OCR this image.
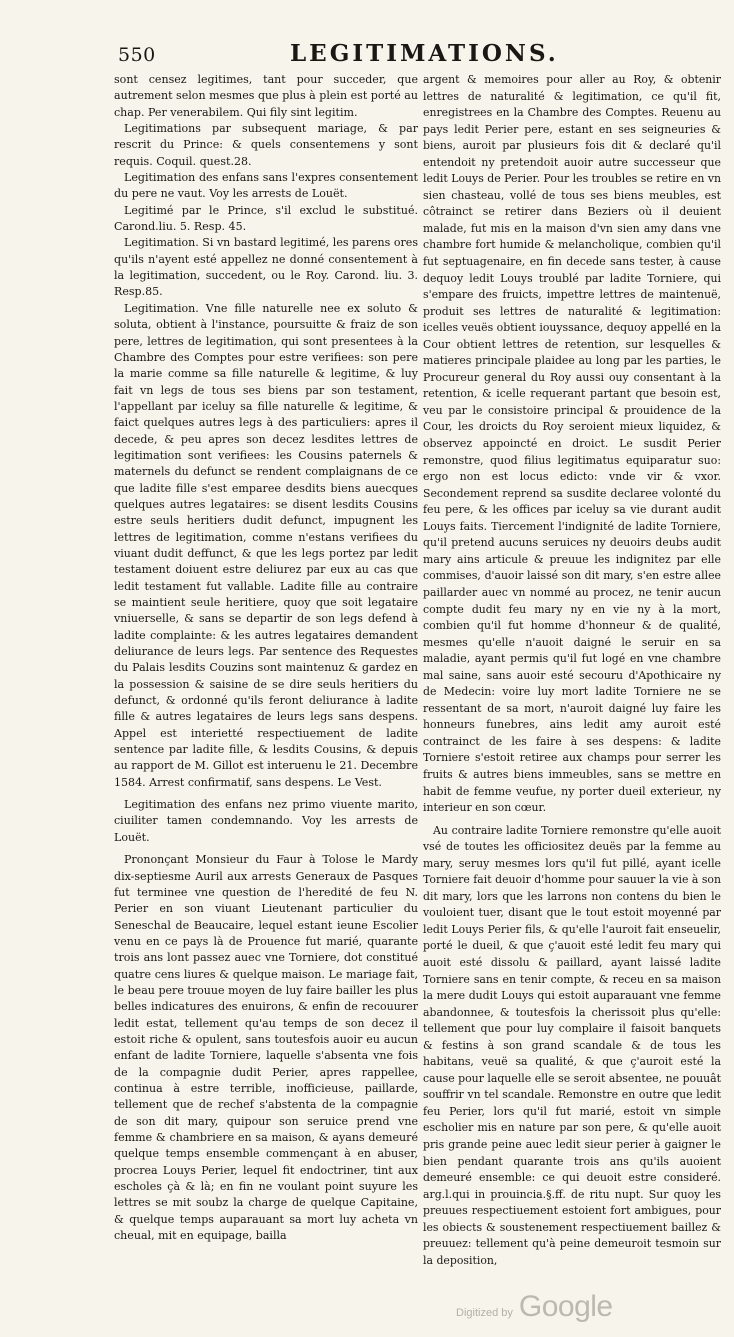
550	LEGITIMATIONS.

sont censez legitimes, tant pour succeder, que autrement selon mesmes que plus à plein est porté au chap. Per venerabilem. Qui fily sint legitim.

Legitimations par subsequent mariage, & par rescrit du Prince: & quels consentemens y sont requis. Coquil. quest.28.

Legitimation des enfans sans l'expres consentement du pere ne vaut. Voy les arrests de Louët.

Legitimé par le Prince, s'il exclud le substitué. Carond.liu. 5. Resp. 45.

Legitimation. Si vn bastard legitimé, les parens ores qu'ils n'ayent esté appellez ne donné consentement à la legitimation, succedent, ou le Roy. Carond. liu. 3. Resp.85.

Legitimation. Vne fille naturelle nee ex soluto & soluta, obtient à l'instance, poursuitte & fraiz de son pere, lettres de legitimation, qui sont presentees à la Chambre des Comptes pour estre verifiees: son pere la marie comme sa fille naturelle & legitime, & luy fait vn legs de tous ses biens par son testament, l'appellant par iceluy sa fille naturelle & legitime, & faict quelques autres legs à des particuliers: apres il decede, & peu apres son decez lesdites lettres de legitimation sont verifiees: les Cousins paternels & maternels du defunct se rendent complaignans de ce que ladite fille s'est emparee desdits biens auecques quelques autres legataires: se disent lesdits Cousins estre seuls heritiers dudit defunct, impugnent les lettres de legitimation, comme n'estans verifiees du viuant dudit deffunct, & que les legs portez par ledit testament doiuent estre deliurez par eux au cas que ledit testament fut vallable. Ladite fille au contraire se maintient seule heritiere, quoy que soit legataire vniuerselle, & sans se departir de son legs defend à ladite complainte: & les autres legataires demandent deliurance de leurs legs. Par sentence des Requestes du Palais lesdits Couzins sont maintenuz & gardez en la possession & saisine de se dire seuls heritiers du defunct, & ordonné qu'ils feront deliurance à ladite fille & autres legataires de leurs legs sans despens. Appel est interietté respectiuement de ladite sentence par ladite fille, & lesdits Cousins, & depuis au rapport de M. Gillot est interuenu le 21. Decembre 1584. Arrest confirmatif, sans despens. Le Vest.

Legitimation des enfans nez primo viuente marito, ciuiliter tamen condemnando. Voy les arrests de Louët.

Prononçant Monsieur du Faur à Tolose le Mardy dix-septiesme Auril aux arrests Generaux de Pasques fut terminee vne question de l'heredité de feu N. Perier en son viuant Lieutenant particulier du Seneschal de Beaucaire, lequel estant ieune Escolier venu en ce pays là de Prouence fut marié, quarante trois ans lont passez auec vne Torniere, dot constitué quatre cens liures & quelque maison. Le mariage fait, le beau pere trouue moyen de luy faire bailler les plus belles indicatures des enuirons, & enfin de recouurer ledit estat, tellement qu'au temps de son decez il estoit riche & opulent, sans toutesfois auoir eu aucun enfant de ladite Torniere, laquelle s'absenta vne fois de la compagnie dudit Perier, apres rappellee, continua à estre terrible, inofficieuse, paillarde, tellement que de rechef s'abstenta de la compagnie de son dit mary, quipour son seruice prend vne femme & chambriere en sa maison, & ayans demeuré quelque temps ensemble commençant à en abuser, procrea Louys Perier, lequel fit endoctriner, tint aux escholes çà & là; en fin ne voulant point suyure les lettres se mit soubz la charge de quelque Capitaine, & quelque temps auparauant sa mort luy acheta vn cheual, mit en equipage, bailla

argent & memoires pour aller au Roy, & obtenir lettres de naturalité & legitimation, ce qu'il fit, enregistrees en la Chambre des Comptes. Reuenu au pays ledit Perier pere, estant en ses seigneuries & biens, auroit par plusieurs fois dit & declaré qu'il entendoit ny pretendoit auoir autre successeur que ledit Louys de Perier. Pour les troubles se retire en vn sien chasteau, vollé de tous ses biens meubles, est côtrainct se retirer dans Beziers où il deuient malade, fut mis en la maison d'vn sien amy dans vne chambre fort humide & melancholique, combien qu'il fut septuagenaire, en fin decede sans tester, à cause dequoy ledit Louys troublé par ladite Torniere, qui s'empare des fruicts, impettre lettres de maintenuë, produit ses lettres de naturalité & legitimation: icelles veuës obtient iouyssance, dequoy appellé en la Cour obtient lettres de retention, sur lesquelles & matieres principale plaidee au long par les parties, le Procureur general du Roy aussi ouy consentant à la retention, & icelle requerant partant que besoin est, veu par le consistoire principal & prouidence de la Cour, les droicts du Roy seroient mieux liquidez, & observez appoincté en droict. Le susdit Perier remonstre, quod filius legitimatus equiparatur suo: ergo non est locus edicto: vnde vir & vxor. Secondement reprend sa susdite declaree volonté du feu pere, & les offices par iceluy sa vie durant audit Louys faits. Tiercement l'indignité de ladite Torniere, qu'il pretend aucuns seruices ny deuoirs deubs audit mary ains articule & preuue les indignitez par elle commises, d'auoir laissé son dit mary, s'en estre allee paillarder auec vn nommé au procez, ne tenir aucun compte dudit feu mary ny en vie ny à la mort, combien qu'il fut homme d'honneur & de qualité, mesmes qu'elle n'auoit daigné le seruir en sa maladie, ayant permis qu'il fut logé en vne chambre mal saine, sans auoir esté secouru d'Apothicaire ny de Medecin: voire luy mort ladite Torniere ne se ressentant de sa mort, n'auroit daigné luy faire les honneurs funebres, ains ledit amy auroit esté contrainct de les faire à ses despens: & ladite Torniere s'estoit retiree aux champs pour serrer les fruits & autres biens immeubles, sans se mettre en habit de femme veufue, ny porter dueil exterieur, ny interieur en son cœur.

Au contraire ladite Torniere remonstre qu'elle auoit vsé de toutes les officiositez deuës par la femme au mary, seruy mesmes lors qu'il fut pillé, ayant icelle Torniere fait deuoir d'homme pour sauuer la vie à son dit mary, lors que les larrons non contens du bien le vouloient tuer, disant que le tout estoit moyenné par ledit Louys Perier fils, & qu'elle l'auroit fait enseuelir, porté le dueil, & que ç'auoit esté ledit feu mary qui auoit esté dissolu & paillard, ayant laissé ladite Torniere sans en tenir compte, & receu en sa maison la mere dudit Louys qui estoit auparauant vne femme abandonnee, & toutesfois la cherissoit plus qu'elle: tellement que pour luy complaire il faisoit banquets & festins à son grand scandale & de tous les habitans, veuë sa qualité, & que ç'auroit esté la cause pour laquelle elle se seroit absentee, ne pouuât souffrir vn tel scandale. Remonstre en outre que ledit feu Perier, lors qu'il fut marié, estoit vn simple escholier mis en nature par son pere, & qu'elle auoit pris grande peine auec ledit sieur perier à gaigner le bien pendant quarante trois ans qu'ils auoient demeuré ensemble: ce qui deuoit estre consideré. arg.l.qui in prouincia.§.ff. de ritu nupt. Sur quoy les preuues respectiuement estoient fort ambigues, pour les obiects & soustenement respectiuement baillez & preuuez: tellement qu'à peine demeuroit tesmoin sur la deposition,

Digitized by Google
